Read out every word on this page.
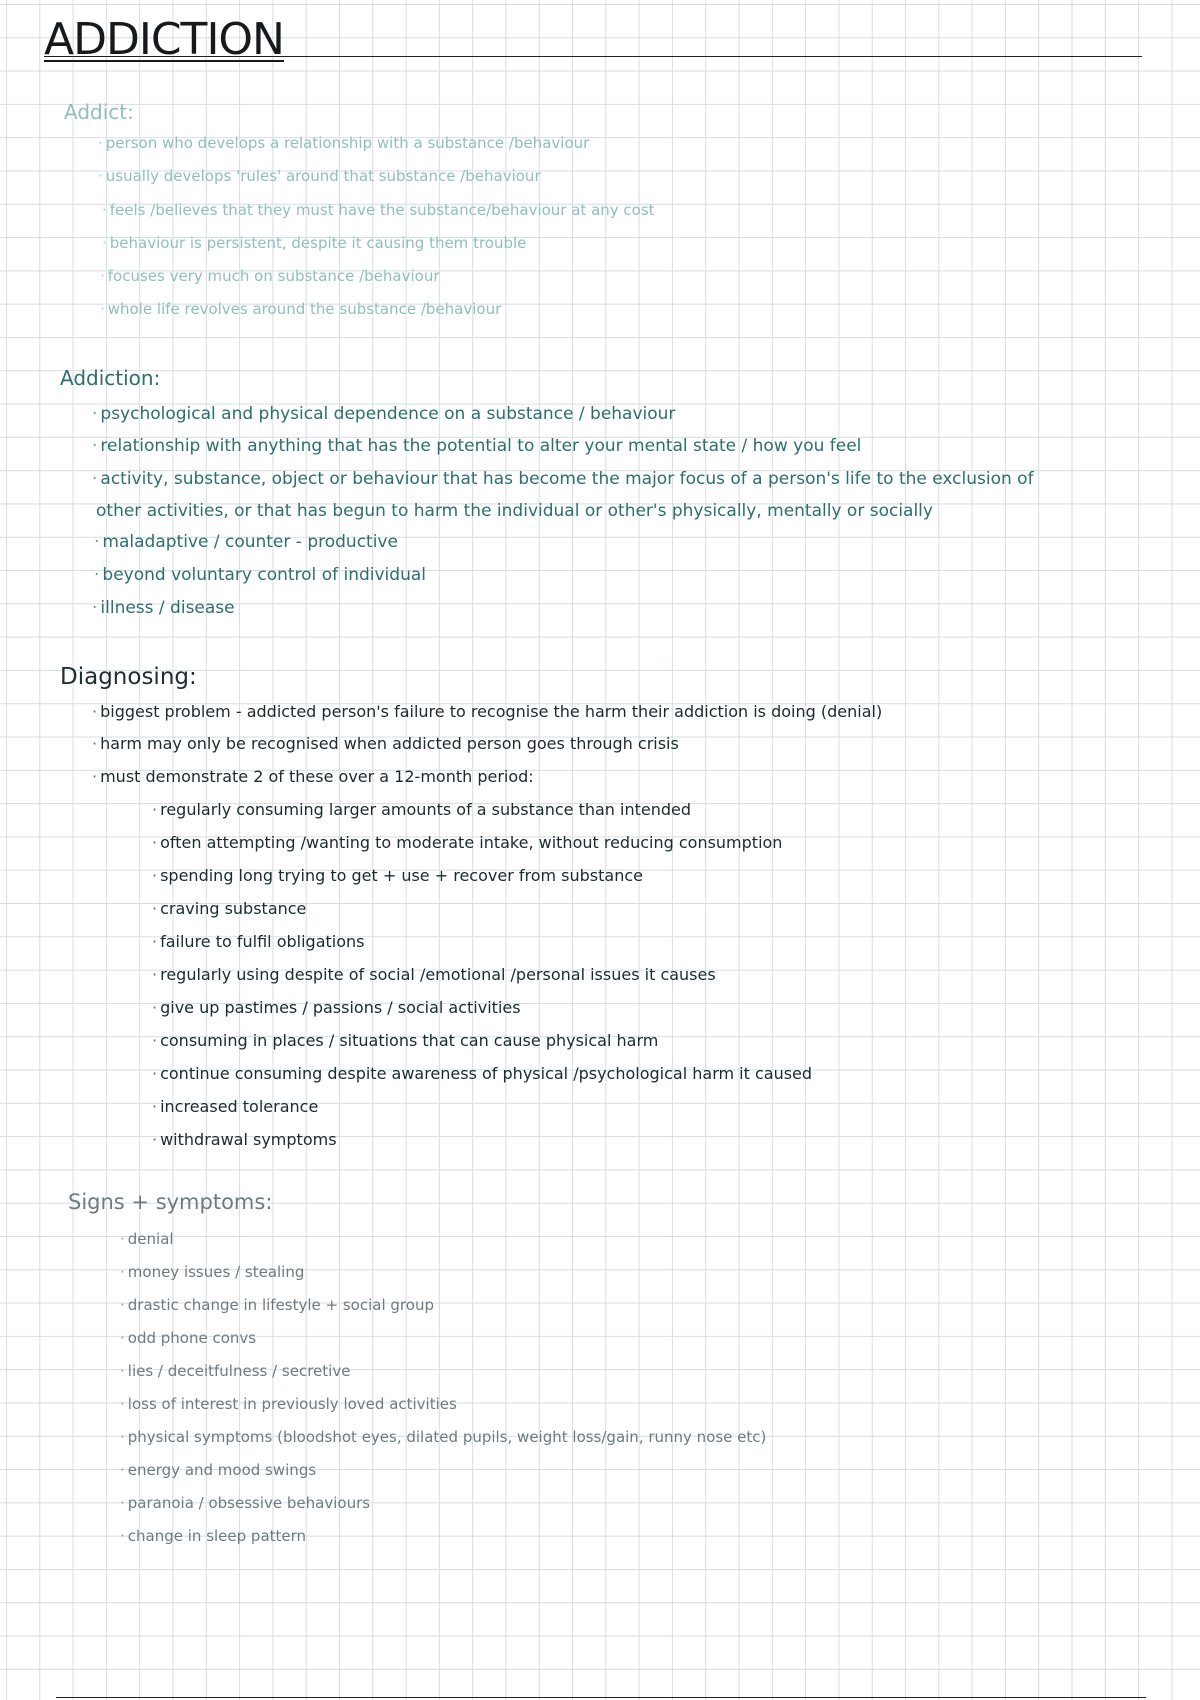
ADDICTION
Addict:
· person who develops a relationship with a substance /behaviour
· usually develops 'rules' around that substance /behaviour
· feels /believes that they must have the substance/behaviour at any cost
· behaviour is persistent, despite it causing them trouble
· focuses very much on substance /behaviour
· whole life revolves around the substance /behaviour
Addiction:
· psychological and physical dependence on a substance / behaviour
· relationship with anything that has the potential to alter your mental state / how you feel
· activity, substance, object or behaviour that has become the major focus of a person's life to the exclusion of
other activities, or that has begun to harm the individual or other's physically, mentally or socially
· maladaptive / counter - productive
· beyond voluntary control of individual
· illness / disease
Diagnosing:
· biggest problem - addicted person's failure to recognise the harm their addiction is doing (denial)
· harm may only be recognised when addicted person goes through crisis
· must demonstrate 2 of these over a 12-month period:
· regularly consuming larger amounts of a substance than intended
· often attempting /wanting to moderate intake, without reducing consumption
· spending long trying to get + use + recover from substance
· craving substance
· failure to fulfil obligations
· regularly using despite of social /emotional /personal issues it causes
· give up pastimes / passions / social activities
· consuming in places / situations that can cause physical harm
· continue consuming despite awareness of physical /psychological harm it caused
· increased tolerance
· withdrawal symptoms
Signs + symptoms:
· denial
· money issues / stealing
· drastic change in lifestyle + social group
· odd phone convs
· lies / deceitfulness / secretive
· loss of interest in previously loved activities
· physical symptoms (bloodshot eyes, dilated pupils, weight loss/gain, runny nose etc)
· energy and mood swings
· paranoia / obsessive behaviours
· change in sleep pattern
